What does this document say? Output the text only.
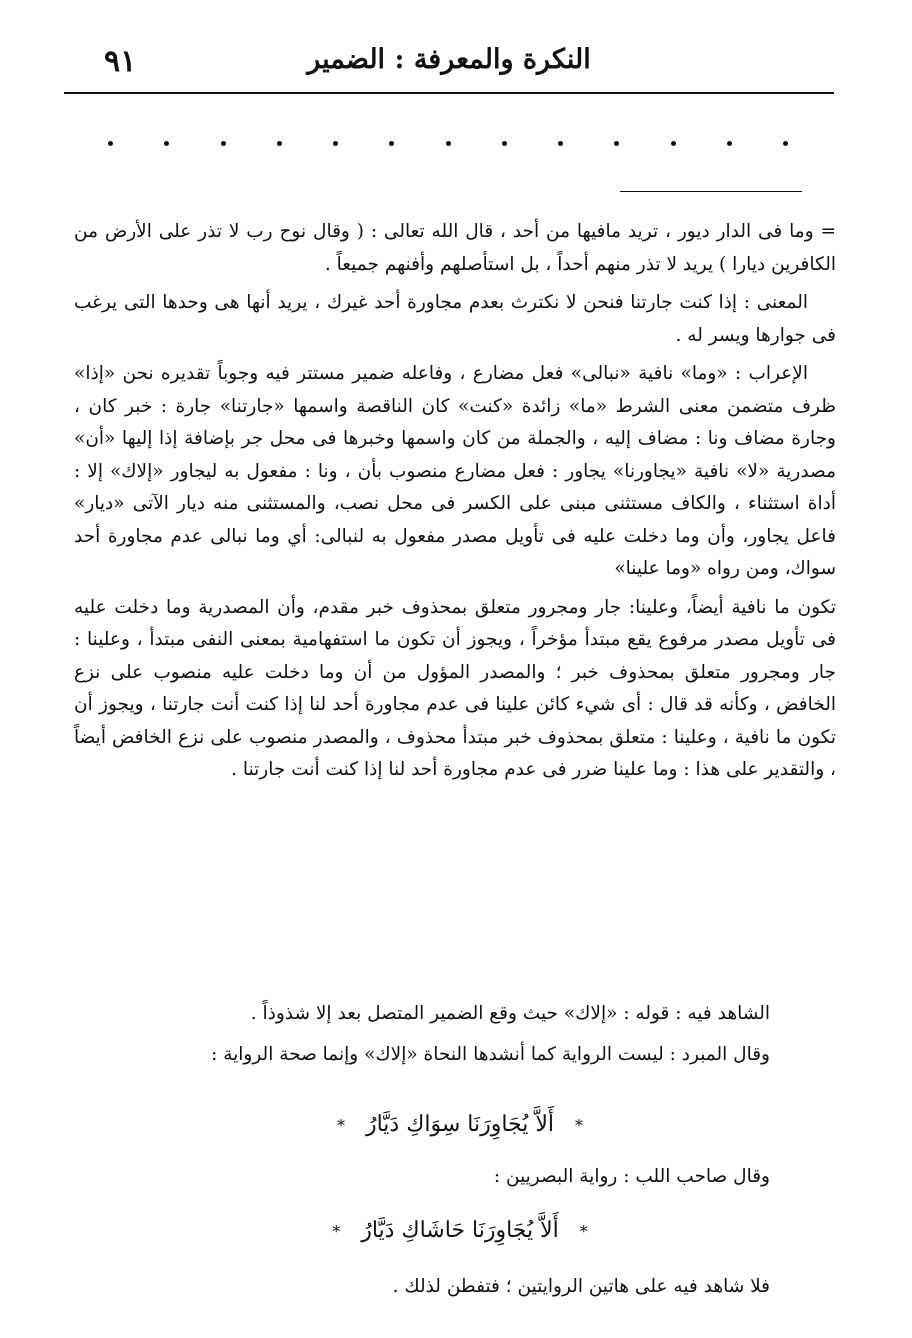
٩١	النكرة والمعرفة : الضمير

= وما فى الدار ديور ، تريد مافيها من أحد ، قال الله تعالى : ( وقال نوح رب لا تذر على الأرض من الكافرين ديارا ) يريد لا تذر منهم أحداً ، بل استأصلهم وأفنهم جميعاً .

المعنى : إذا كنت جارتنا فنحن لا نكترث بعدم مجاورة أحد غيرك ، يريد أنها هى وحدها التى يرغب فى جوارها ويسر له .

الإعراب : «وما» نافية «نبالى» فعل مضارع ، وفاعله ضمير مستتر فيه وجوباً تقديره نحن «إذا» ظرف متضمن معنى الشرط «ما» زائدة «كنت» كان الناقصة واسمها «جارتنا» جارة : خبر كان ، وجارة مضاف ونا : مضاف إليه ، والجملة من كان واسمها وخبرها فى محل جر بإضافة إذا إليها «أن» مصدرية «لا» نافية «يجاورنا» يجاور : فعل مضارع منصوب بأن ، ونا : مفعول به ليجاور «إلاك» إلا : أداة استثناء ، والكاف مستثنى مبنى على الكسر فى محل نصب، والمستثنى منه ديار الآتى «ديار» فاعل يجاور، وأن وما دخلت عليه فى تأويل مصدر مفعول به لنبالى: أي وما نبالى عدم مجاورة أحد سواك، ومن رواه «وما علينا»

تكون ما نافية أيضاً، وعلينا: جار ومجرور متعلق بمحذوف خبر مقدم، وأن المصدرية وما دخلت عليه فى تأويل مصدر مرفوع يقع مبتدأ مؤخراً ، ويجوز أن تكون ما استفهامية بمعنى النفى مبتدأ ، وعلينا : جار ومجرور متعلق بمحذوف خبر ؛ والمصدر المؤول من أن وما دخلت عليه منصوب على نزع الخافض ، وكأنه قد قال : أى شيء كائن علينا فى عدم مجاورة أحد لنا إذا كنت أنت جارتنا ، ويجوز أن تكون ما نافية ، وعلينا : متعلق بمحذوف خبر مبتدأ محذوف ، والمصدر منصوب على نزع الخافض أيضاً ، والتقدير على هذا : وما علينا ضرر فى عدم مجاورة أحد لنا إذا كنت أنت جارتنا .

الشاهد فيه : قوله : «إلاك» حيث وقع الضمير المتصل بعد إلا شذوذاً .

وقال المبرد : ليست الرواية كما أنشدها النحاة «إلاك» وإنما صحة الرواية :

* أَلاَّ يُجَاوِرَنَا سِوَاكِ دَيَّارُ *
وقال صاحب اللب : رواية البصريين :
* أَلاَّ يُجَاوِرَنَا حَاشَاكِ دَيَّارُ *
فلا شاهد فيه على هاتين الروايتين ؛ فتفطن لذلك .
